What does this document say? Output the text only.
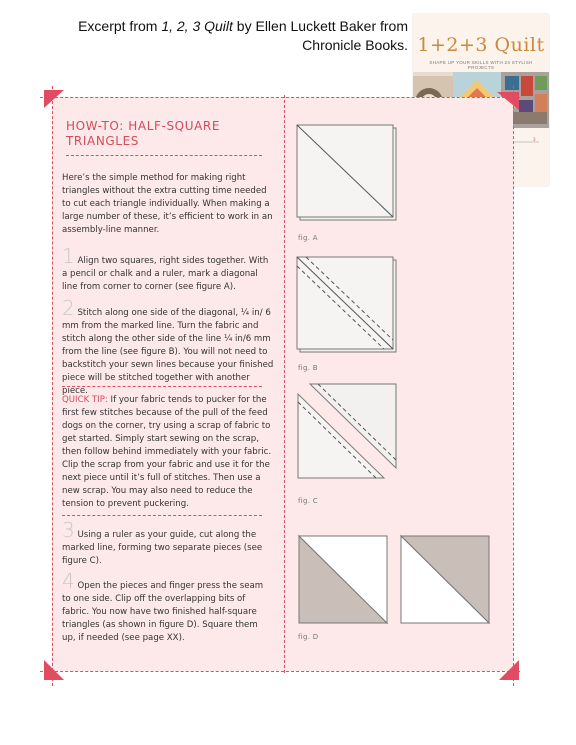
Excerpt from 1, 2, 3 Quilt by Ellen Luckett Baker from
Chronicle Books. 1+2+3 Quilt
SHAPE UP YOUR SKILLS WITH 24 STYLISH PROJECTS
3
HOW-TO: HALF-SQUARE TRIANGLES
Here’s the simple method for making right triangles without the extra cutting time needed to cut each triangle individually. When making a large number of these, it’s efficient to work in an assembly-line manner.
1 Align two squares, right sides together. With a pencil or chalk and a ruler, mark a diagonal line from corner to corner (see figure A).
2 Stitch along one side of the diagonal, ¼ in/ 6 mm from the marked line. Turn the fabric and stitch along the other side of the line ¼ in/6 mm from the line (see figure B). You will not need to backstitch your sewn lines because your finished piece will be stitched together with another piece.
QUICK TIP: If your fabric tends to pucker for the first few stitches because of the pull of the feed dogs on the corner, try using a scrap of fabric to get started. Simply start sewing on the scrap, then follow behind immediately with your fabric. Clip the scrap from your fabric and use it for the next piece until it’s full of stitches. Then use a new scrap. You may also need to reduce the tension to prevent puckering.
3 Using a ruler as your guide, cut along the marked line, forming two separate pieces (see figure C).
4 Open the pieces and finger press the seam to one side. Clip off the overlapping bits of fabric. You now have two finished half-square triangles (as shown in figure D). Square them up, if needed (see page XX).
fig. A
fig. B
fig. C
fig. D
